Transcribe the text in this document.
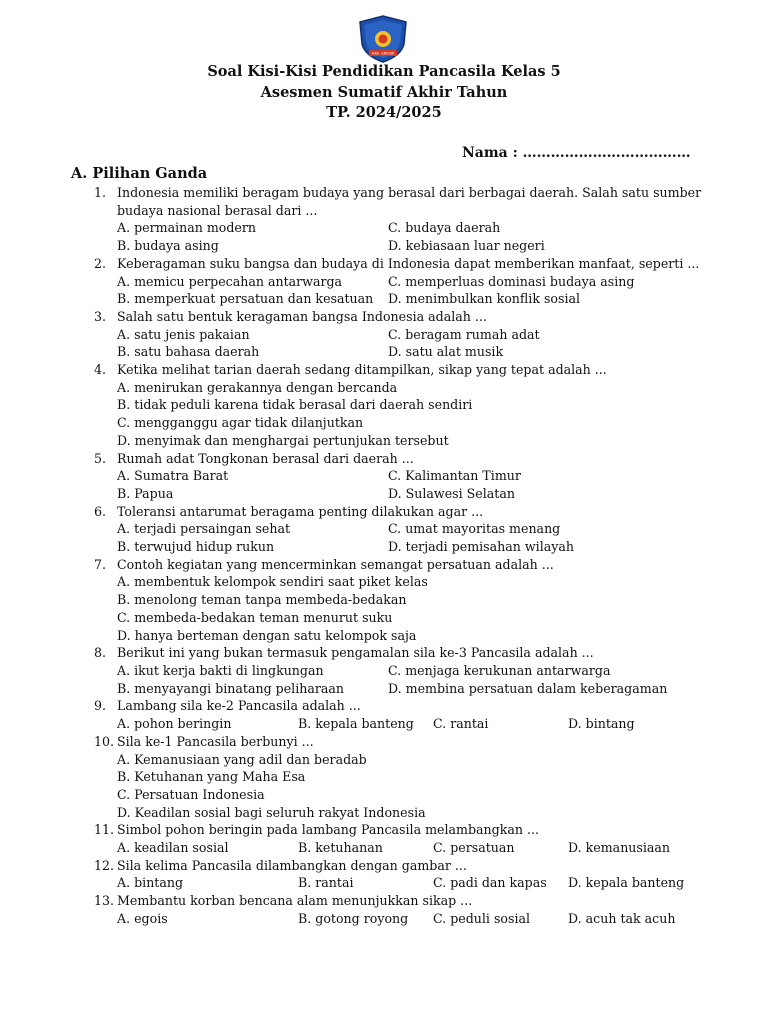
KAB. GRESIK
Soal Kisi-Kisi Pendidikan Pancasila Kelas 5
Asesmen Sumatif Akhir Tahun
TP. 2024/2025
Nama : ………………………………
A. Pilihan Ganda
1. Indonesia memiliki beragam budaya yang berasal dari berbagai daerah. Salah satu sumber
budaya nasional berasal dari ...
A. permainan modern	C. budaya daerah
B. budaya asing	D. kebiasaan luar negeri
2. Keberagaman suku bangsa dan budaya di Indonesia dapat memberikan manfaat, seperti ...
A. memicu perpecahan antarwarga	C. memperluas dominasi budaya asing
B. memperkuat persatuan dan kesatuan	D. menimbulkan konflik sosial
3. Salah satu bentuk keragaman bangsa Indonesia adalah ...
A. satu jenis pakaian	C. beragam rumah adat
B. satu bahasa daerah	D. satu alat musik
4. Ketika melihat tarian daerah sedang ditampilkan, sikap yang tepat adalah ...
A. menirukan gerakannya dengan bercanda
B. tidak peduli karena tidak berasal dari daerah sendiri
C. mengganggu agar tidak dilanjutkan
D. menyimak dan menghargai pertunjukan tersebut
5. Rumah adat Tongkonan berasal dari daerah ...
A. Sumatra Barat	C. Kalimantan Timur
B. Papua	D. Sulawesi Selatan
6. Toleransi antarumat beragama penting dilakukan agar ...
A. terjadi persaingan sehat	C. umat mayoritas menang
B. terwujud hidup rukun	D. terjadi pemisahan wilayah
7. Contoh kegiatan yang mencerminkan semangat persatuan adalah ...
A. membentuk kelompok sendiri saat piket kelas
B. menolong teman tanpa membeda-bedakan
C. membeda-bedakan teman menurut suku
D. hanya berteman dengan satu kelompok saja
8. Berikut ini yang bukan termasuk pengamalan sila ke-3 Pancasila adalah ...
A. ikut kerja bakti di lingkungan	C. menjaga kerukunan antarwarga
B. menyayangi binatang peliharaan	D. membina persatuan dalam keberagaman
9. Lambang sila ke-2 Pancasila adalah ...
A. pohon beringin	B. kepala banteng	C. rantai	D. bintang
10. Sila ke-1 Pancasila berbunyi ...
A. Kemanusiaan yang adil dan beradab
B. Ketuhanan yang Maha Esa
C. Persatuan Indonesia
D. Keadilan sosial bagi seluruh rakyat Indonesia
11. Simbol pohon beringin pada lambang Pancasila melambangkan ...
A. keadilan sosial	B. ketuhanan	C. persatuan	D. kemanusiaan
12. Sila kelima Pancasila dilambangkan dengan gambar ...
A. bintang	B. rantai	C. padi dan kapas	D. kepala banteng
13. Membantu korban bencana alam menunjukkan sikap ...
A. egois	B. gotong royong	C. peduli sosial	D. acuh tak acuh
